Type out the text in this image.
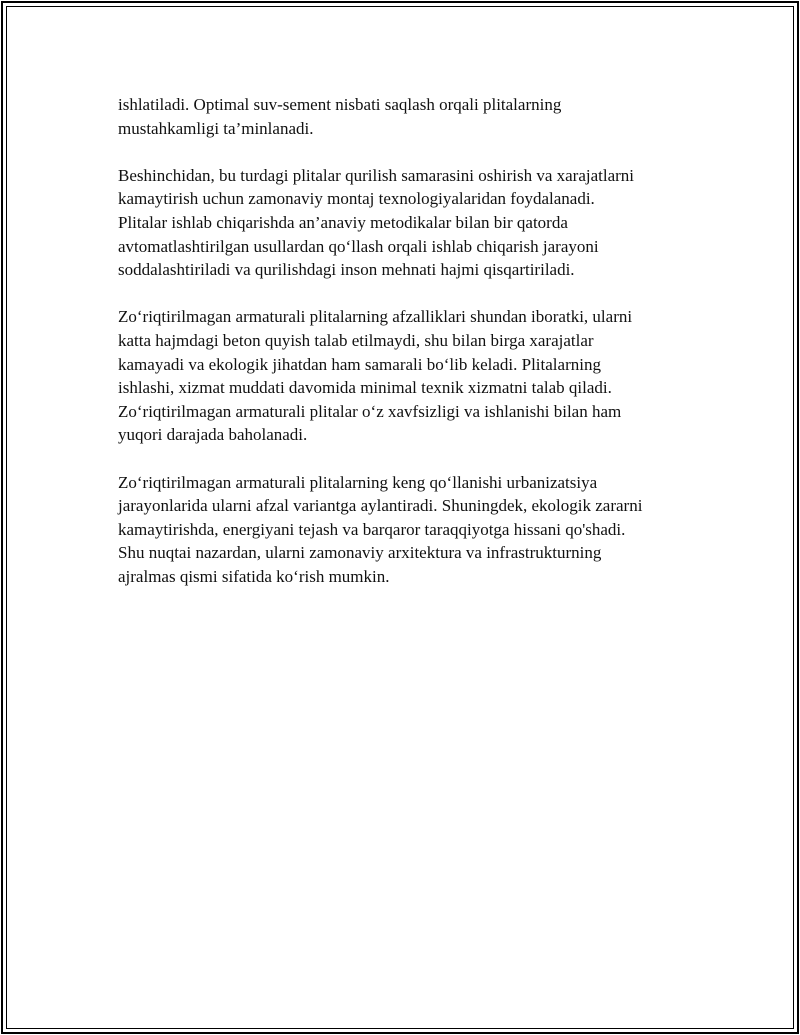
ishlatiladi. Optimal suv-sement nisbati saqlash orqali plitalarning
mustahkamligi ta’minlanadi.

Beshinchidan, bu turdagi plitalar qurilish samarasini oshirish va xarajatlarni
kamaytirish uchun zamonaviy montaj texnologiyalaridan foydalanadi.
Plitalar ishlab chiqarishda an’anaviy metodikalar bilan bir qatorda
avtomatlashtirilgan usullardan qo‘llash orqali ishlab chiqarish jarayoni
soddalashtiriladi va qurilishdagi inson mehnati hajmi qisqartiriladi.

Zo‘riqtirilmagan armaturali plitalarning afzalliklari shundan iboratki, ularni
katta hajmdagi beton quyish talab etilmaydi, shu bilan birga xarajatlar
kamayadi va ekologik jihatdan ham samarali bo‘lib keladi. Plitalarning
ishlashi, xizmat muddati davomida minimal texnik xizmatni talab qiladi.
Zo‘riqtirilmagan armaturali plitalar o‘z xavfsizligi va ishlanishi bilan ham
yuqori darajada baholanadi.

Zo‘riqtirilmagan armaturali plitalarning keng qo‘llanishi urbanizatsiya
jarayonlarida ularni afzal variantga aylantiradi. Shuningdek, ekologik zararni
kamaytirishda, energiyani tejash va barqaror taraqqiyotga hissani qo'shadi.
Shu nuqtai nazardan, ularni zamonaviy arxitektura va infrastrukturning
ajralmas qismi sifatida ko‘rish mumkin.
